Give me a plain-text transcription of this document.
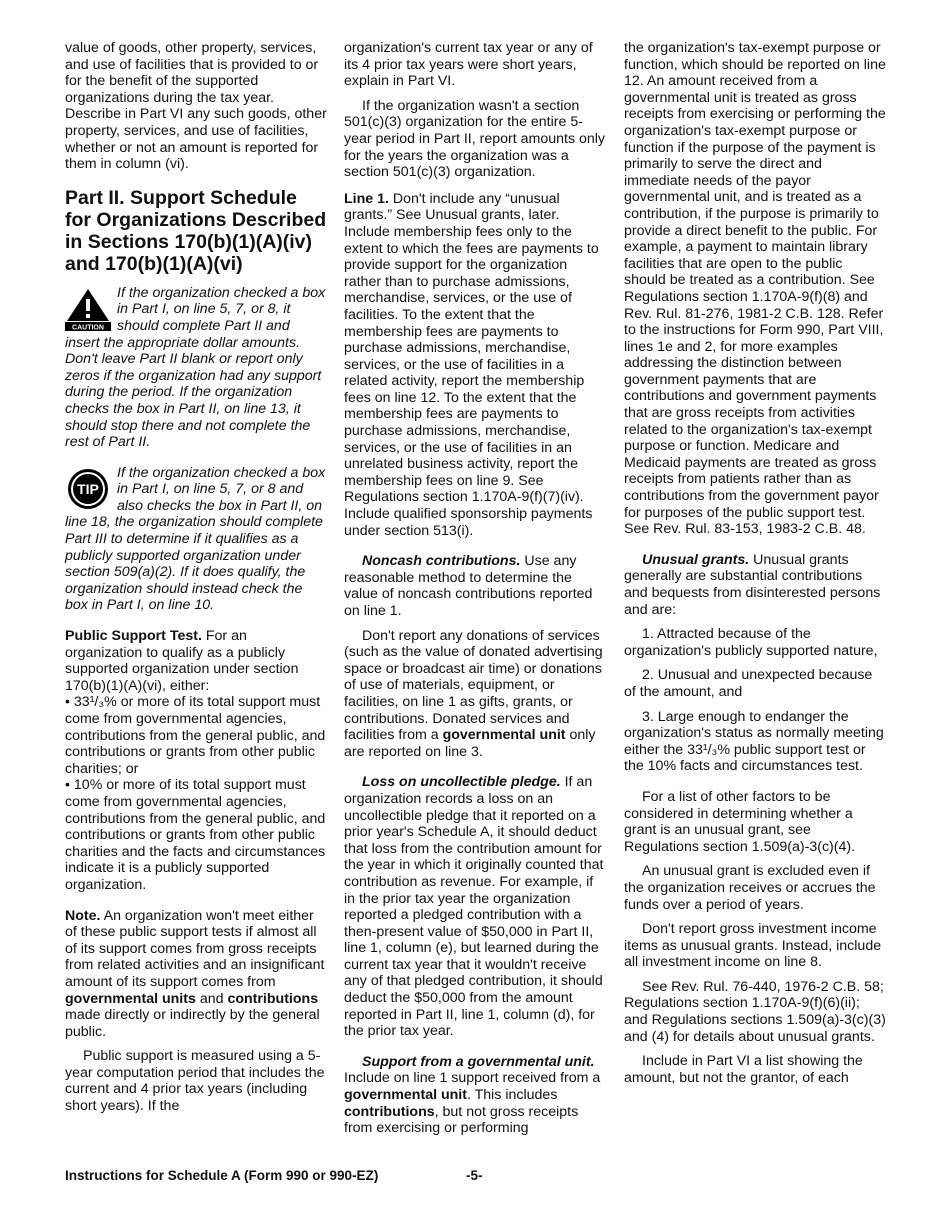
value of goods, other property, services, and use of facilities that is provided to or for the benefit of the supported organizations during the tax year. Describe in Part VI any such goods, other property, services, and use of facilities, whether or not an amount is reported for them in column (vi).

Part II. Support Schedule for Organizations Described in Sections 170(b)(1)(A)(iv) and 170(b)(1)(A)(vi)
CAUTION
If the organization checked a box in Part I, on line 5, 7, or 8, it should complete Part II and insert the appropriate dollar amounts. Don't leave Part II blank or report only zeros if the organization had any support during the period. If the organization checks the box in Part II, on line 13, it should stop there and not complete the rest of Part II.
TIP
If the organization checked a box in Part I, on line 5, 7, or 8 and also checks the box in Part II, on line 18, the organization should complete Part III to determine if it qualifies as a publicly supported organization under section 509(a)(2). If it does qualify, the organization should instead check the box in Part I, on line 10.

Public Support Test. For an organization to qualify as a publicly supported organization under section 170(b)(1)(A)(vi), either:
• 33¹/₃% or more of its total support must come from governmental agencies, contributions from the general public, and contributions or grants from other public charities; or
• 10% or more of its total support must come from governmental agencies, contributions from the general public, and contributions or grants from other public charities and the facts and circumstances indicate it is a publicly supported organization.

Note. An organization won't meet either of these public support tests if almost all of its support comes from gross receipts from related activities and an insignificant amount of its support comes from governmental units and contributions made directly or indirectly by the general public.

Public support is measured using a 5-year computation period that includes the current and 4 prior tax years (including short years). If the

organization's current tax year or any of its 4 prior tax years were short years, explain in Part VI.

If the organization wasn't a section 501(c)(3) organization for the entire 5-year period in Part II, report amounts only for the years the organization was a section 501(c)(3) organization.

Line 1. Don't include any “unusual grants.” See Unusual grants, later. Include membership fees only to the extent to which the fees are payments to provide support for the organization rather than to purchase admissions, merchandise, services, or the use of facilities. To the extent that the membership fees are payments to purchase admissions, merchandise, services, or the use of facilities in a related activity, report the membership fees on line 12. To the extent that the membership fees are payments to purchase admissions, merchandise, services, or the use of facilities in an unrelated business activity, report the membership fees on line 9. See Regulations section 1.170A-9(f)(7)(iv). Include qualified sponsorship payments under section 513(i).

Noncash contributions. Use any reasonable method to determine the value of noncash contributions reported on line 1.

Don't report any donations of services (such as the value of donated advertising space or broadcast air time) or donations of use of materials, equipment, or facilities, on line 1 as gifts, grants, or contributions. Donated services and facilities from a governmental unit only are reported on line 3.

Loss on uncollectible pledge. If an organization records a loss on an uncollectible pledge that it reported on a prior year's Schedule A, it should deduct that loss from the contribution amount for the year in which it originally counted that contribution as revenue. For example, if in the prior tax year the organization reported a pledged contribution with a then-present value of $50,000 in Part II, line 1, column (e), but learned during the current tax year that it wouldn't receive any of that pledged contribution, it should deduct the $50,000 from the amount reported in Part II, line 1, column (d), for the prior tax year.

Support from a governmental unit. Include on line 1 support received from a governmental unit. This includes contributions, but not gross receipts from exercising or performing

the organization's tax-exempt purpose or function, which should be reported on line 12. An amount received from a governmental unit is treated as gross receipts from exercising or performing the organization's tax-exempt purpose or function if the purpose of the payment is primarily to serve the direct and immediate needs of the payor governmental unit, and is treated as a contribution, if the purpose is primarily to provide a direct benefit to the public. For example, a payment to maintain library facilities that are open to the public should be treated as a contribution. See Regulations section 1.170A-9(f)(8) and Rev. Rul. 81-276, 1981-2 C.B. 128. Refer to the instructions for Form 990, Part VIII, lines 1e and 2, for more examples addressing the distinction between government payments that are contributions and government payments that are gross receipts from activities related to the organization's tax-exempt purpose or function. Medicare and Medicaid payments are treated as gross receipts from patients rather than as contributions from the government payor for purposes of the public support test. See Rev. Rul. 83-153, 1983-2 C.B. 48.

Unusual grants. Unusual grants generally are substantial contributions and bequests from disinterested persons and are:

1. Attracted because of the organization's publicly supported nature,

2. Unusual and unexpected because of the amount, and

3. Large enough to endanger the organization's status as normally meeting either the 33¹/₃% public support test or the 10% facts and circumstances test.

For a list of other factors to be considered in determining whether a grant is an unusual grant, see Regulations section 1.509(a)-3(c)(4).

An unusual grant is excluded even if the organization receives or accrues the funds over a period of years.

Don't report gross investment income items as unusual grants. Instead, include all investment income on line 8.

See Rev. Rul. 76-440, 1976-2 C.B. 58; Regulations section 1.170A-9(f)(6)(ii); and Regulations sections 1.509(a)-3(c)(3) and (4) for details about unusual grants.

Include in Part VI a list showing the amount, but not the grantor, of each

Instructions for Schedule A (Form 990 or 990-EZ)	-5-
